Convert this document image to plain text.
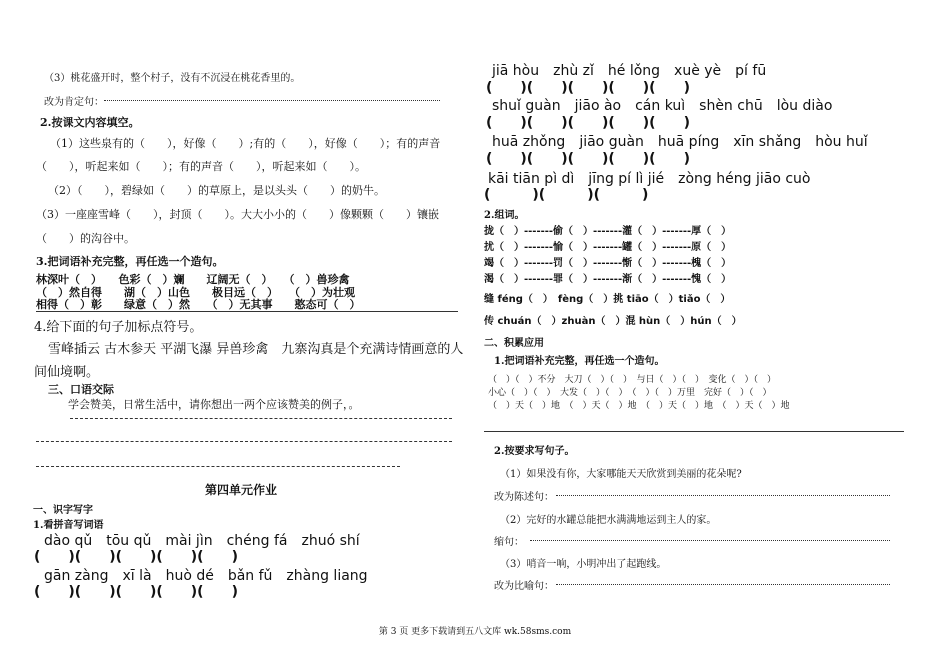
（3）桃花盛开时，整个村子，没有不沉浸在桃花香里的。
改为肯定句：
2.按课文内容填空。
（1）这些泉有的（　　），好像（　　）;有的（　　），好像（　　）；有的声音
（　　），听起来如（　　）；有的声音（　　），听起来如（　　）。
（2）（　　），碧绿如（　　）的草原上，是以头头（　　）的奶牛。
（3）一座座雪峰（　　），封顶（　　）。大大小小的（　　）像颗颗（　　）镶嵌
（　　）的沟谷中。
3.把词语补充完整，再任选一个造句。
林深叶（　）　　色彩（　）斓　　辽阔无（　）　　（　）兽珍禽
（　）然自得　　湖（　）山色　　极目远（　）　　（　）为壮观
相得（　）彰　　绿意（　）然　　（　）无其事　　憨态可（　）
4.给下面的句子加标点符号。
雪峰插云 古木参天 平湖飞瀑 异兽珍禽　九寨沟真是个充满诗情画意的人
间仙境啊。
三、口语交际
学会赞美，日常生活中，请你想出一两个应该赞美的例子，。
第四单元作业
一、识字写字
1.看拼音写词语
dào qǔ　tōu qǔ　mài jìn　chéng fá　zhuó shí
(　　)(　　)(　　)(　　)(　　)
gān zàng　xī là　huò dé　bǎn fǔ　zhàng liang
(　　)(　　)(　　)(　　)(　　)
jiā hòu　zhù zǐ　hé lǒng　xuè yè　pí fū
(　　)(　　)(　　)(　　)(　　)
shuǐ guàn　jiāo ào　cán kuì　shèn chū　lòu diào
(　　)(　　)(　　)(　　)(　　)
huā zhǒng　jiāo guàn　huā píng　xīn shǎng　hòu huǐ
(　　)(　　)(　　)(　　)(　　)
kāi tiān pì dì　jīng pí lì jié　zòng héng jiāo cuò
(　　　)(　　　)(　　　)
2.组词。
拢（　）-------偷（　）-------灌（　）-------厚（　）
扰（　）-------愉（　）-------罐（　）-------原（　）
竭（　）-------罚（　）-------惭（　）-------槐（　）
渴（　）-------罪（　）-------渐（　）-------愧（　）
缝 féng（　）　fèng（　）挑 tiāo（　）tiǎo（　）
传 chuán（　）zhuàn（　）混 hùn（　）hún（　）
二、积累应用
1.把词语补充完整，再任选一个造句。
（　）（　）不分　大刀（　）（　）　与日（　）（　）　变化（　）（　）
小心（　）（　）　大发（　）（　）　（　）（　）万里　完好（　）（　）
（　）天（　）地　（　）天（　）地　（　）天（　）地　（　）天（　）地
2.按要求写句子。
（1）如果没有你，大家哪能天天欣赏到美丽的花朵呢?
改为陈述句：
（2）完好的水罐总能把水满满地运到主人的家。
缩句：
（3）哨音一响，小明冲出了起跑线。
改为比喻句：
第 3 页 更多下载请到五八文库 wk.58sms.com
